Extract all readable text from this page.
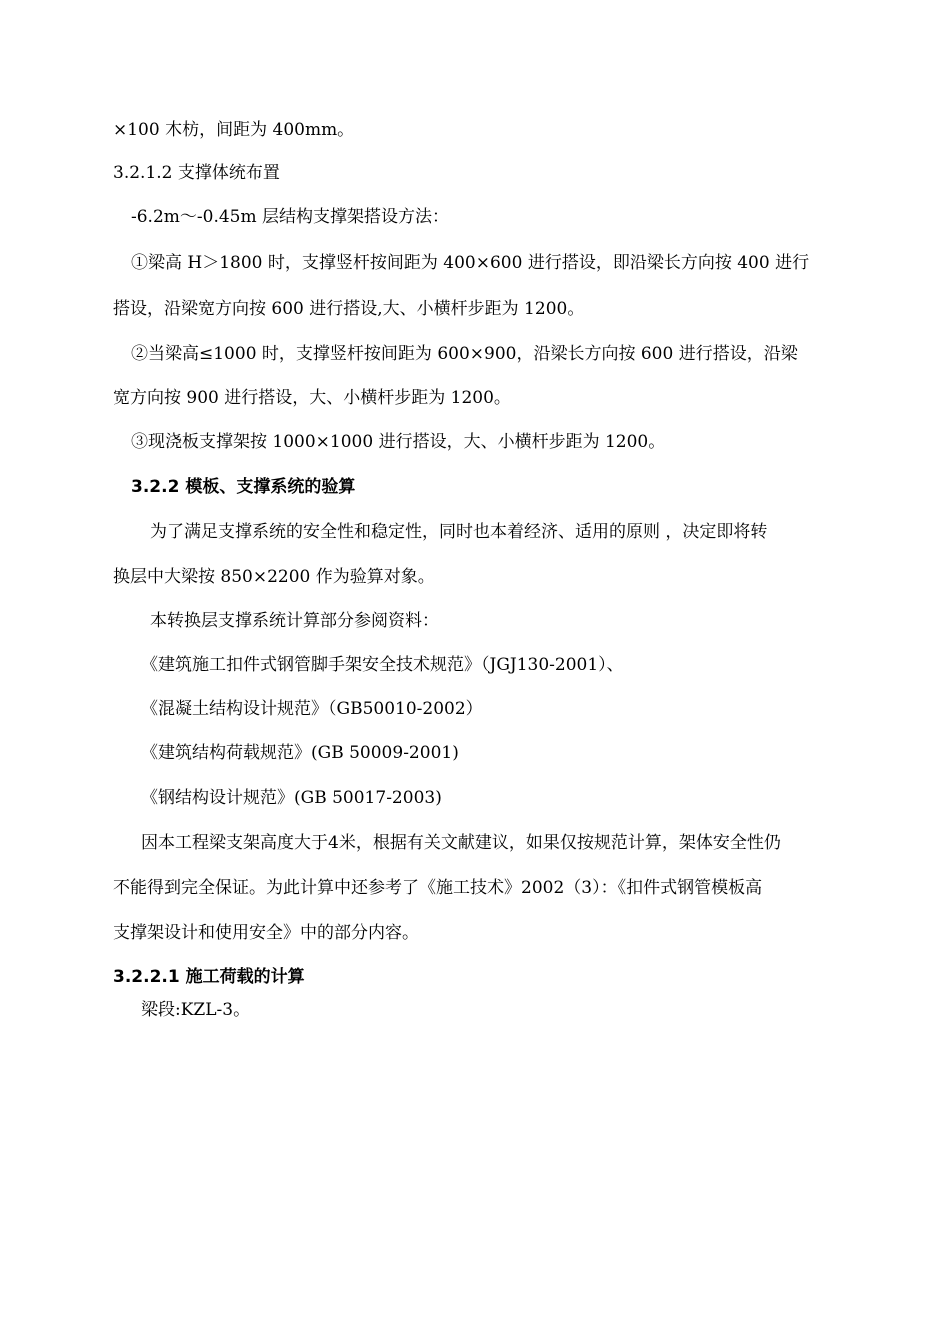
×100 木枋，间距为 400mm。
3.2.1.2 支撑体统布置
-6.2m～-0.45m 层结构支撑架搭设方法：
①梁高 H＞1800 时，支撑竖杆按间距为 400×600 进行搭设，即沿梁长方向按 400 进行
搭设，沿梁宽方向按 600 进行搭设,大、小横杆步距为 1200。
②当梁高≤1000 时，支撑竖杆按间距为 600×900，沿梁长方向按 600 进行搭设，沿梁
宽方向按 900 进行搭设，大、小横杆步距为 1200。
③现浇板支撑架按 1000×1000 进行搭设，大、小横杆步距为 1200。
3.2.2 模板、支撑系统的验算
为了满足支撑系统的安全性和稳定性，同时也本着经济、适用的原则 ，决定即将转
换层中大梁按 850×2200 作为验算对象。
本转换层支撑系统计算部分参阅资料：
《建筑施工扣件式钢管脚手架安全技术规范》（JGJ130-2001）、
《混凝土结构设计规范》（GB50010-2002）
《建筑结构荷载规范》(GB 50009-2001)
《钢结构设计规范》(GB 50017-2003)
因本工程梁支架高度大于4米，根据有关文献建议，如果仅按规范计算，架体安全性仍
不能得到完全保证。为此计算中还参考了《施工技术》2002（3）：《扣件式钢管模板高
支撑架设计和使用安全》中的部分内容。
3.2.2.1 施工荷载的计算
梁段:KZL-3。
